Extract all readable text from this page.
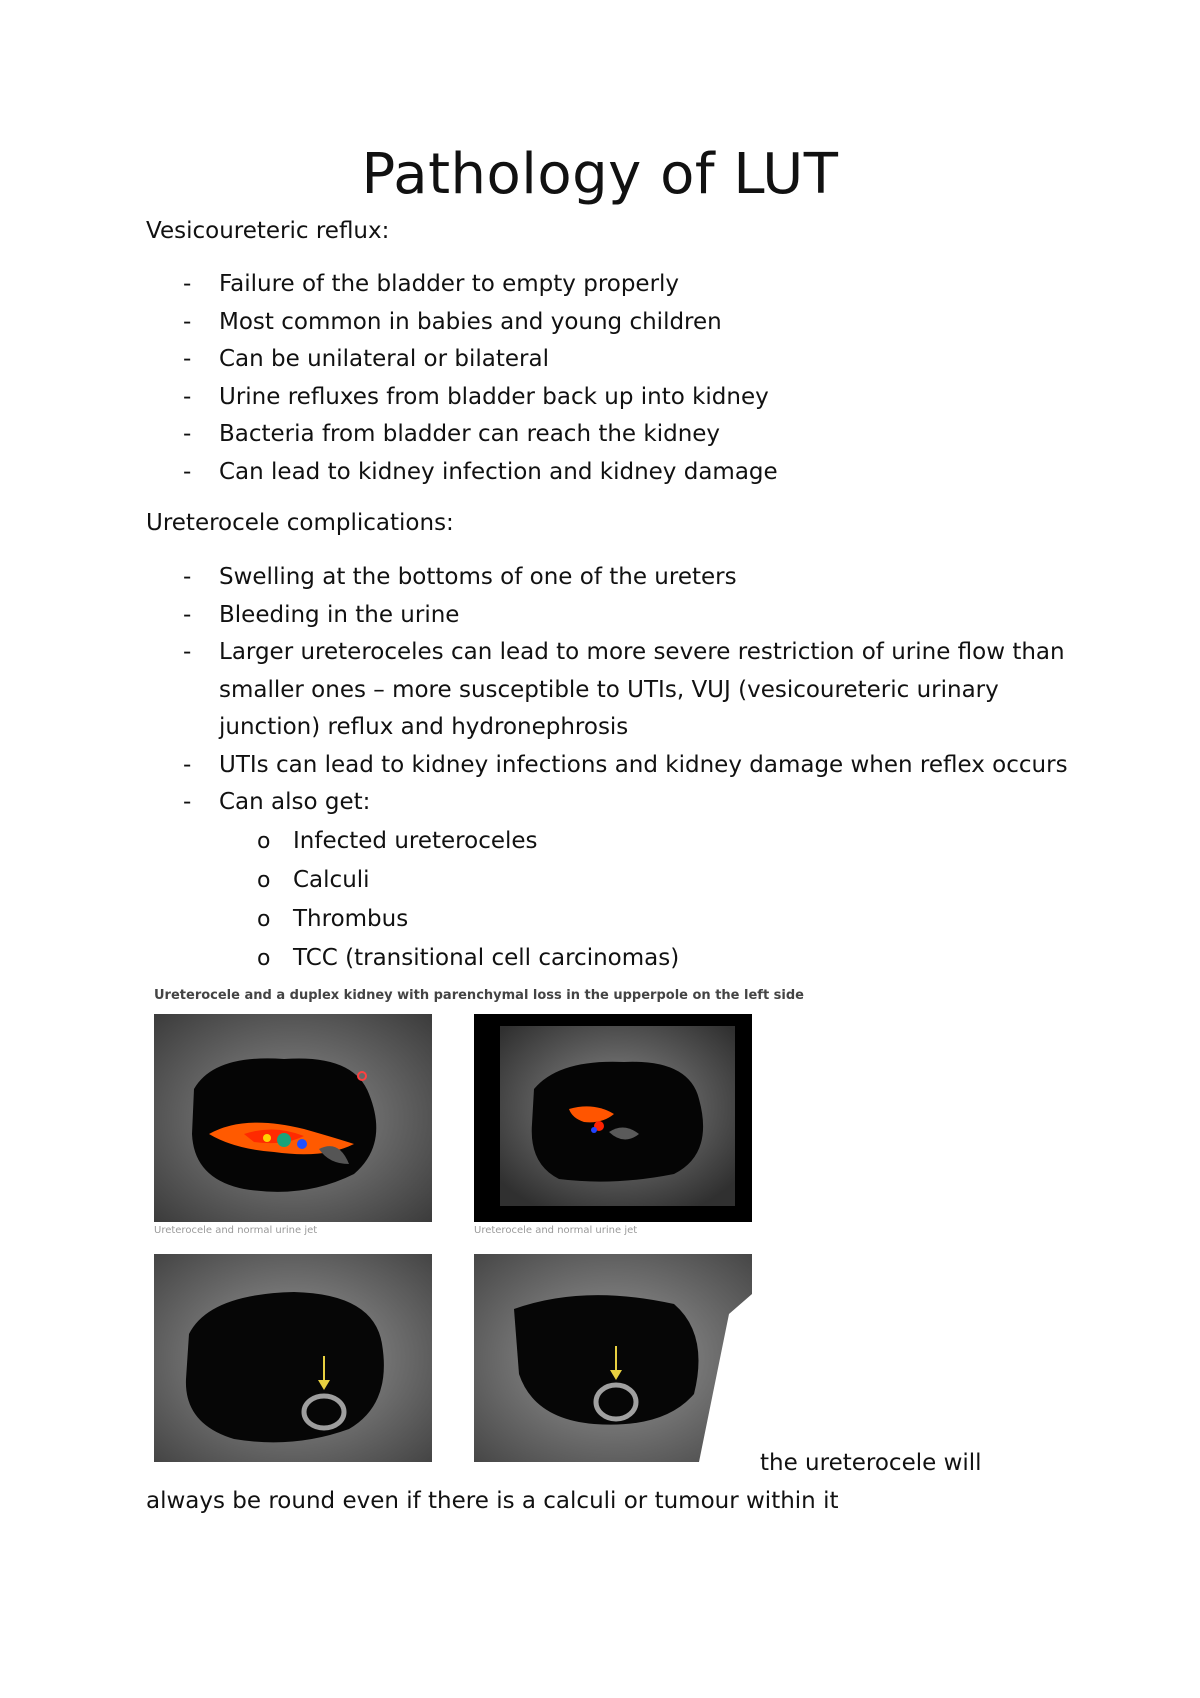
Pathology of LUT

Vesicoureteric reflux:

- Failure of the bladder to empty properly
- Most common in babies and young children
- Can be unilateral or bilateral
- Urine refluxes from bladder back up into kidney
- Bacteria from bladder can reach the kidney
- Can lead to kidney infection and kidney damage

Ureterocele complications:

- Swelling at the bottoms of one of the ureters
- Bleeding in the urine
- Larger ureteroceles can lead to more severe restriction of urine flow than smaller ones – more susceptible to UTIs, VUJ (vesicoureteric urinary junction) reflux and hydronephrosis
- UTIs can lead to kidney infections and kidney damage when reflex occurs
- Can also get:
o Infected ureteroceles
o Calculi
o Thrombus
o TCC (transitional cell carcinomas)

Ureterocele and a duplex kidney with parenchymal loss in the upperpole on the left side

Ureterocele and normal urine jet	Ureterocele and normal urine jet
the ureterocele will
always be round even if there is a calculi or tumour within it
